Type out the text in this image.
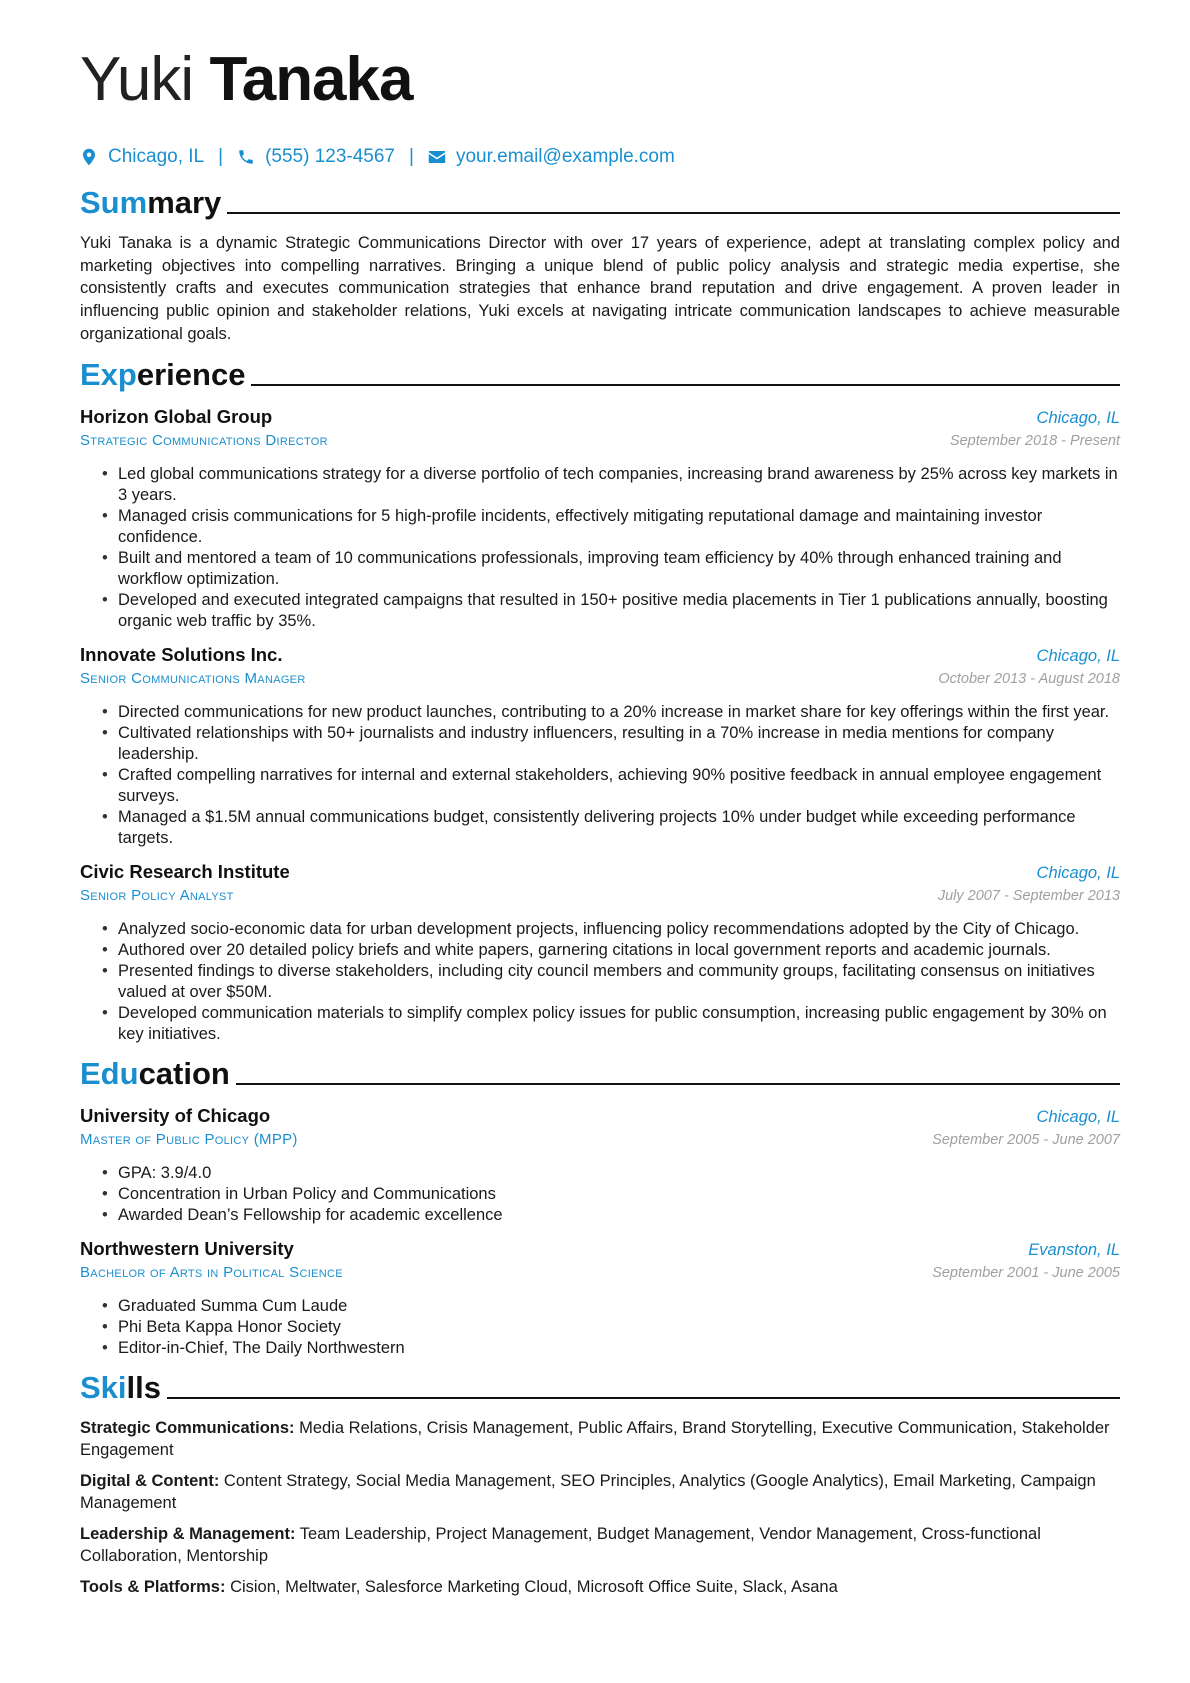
Yuki Tanaka
Chicago, IL | (555) 123-4567 | your.email@example.com
Summary

Yuki Tanaka is a dynamic Strategic Communications Director with over 17 years of experience, adept at translating complex policy and marketing objectives into compelling narratives. Bringing a unique blend of public policy analysis and strategic media expertise, she consistently crafts and executes communication strategies that enhance brand reputation and drive engagement. A proven leader in influencing public opinion and stakeholder relations, Yuki excels at navigating intricate communication landscapes to achieve measurable organizational goals.

Experience
Horizon Global Group	Chicago, IL
Strategic Communications Director	September 2018 - Present
• Led global communications strategy for a diverse portfolio of tech companies, increasing brand awareness by 25% across key markets in 3 years.
• Managed crisis communications for 5 high-profile incidents, effectively mitigating reputational damage and maintaining investor confidence.
• Built and mentored a team of 10 communications professionals, improving team efficiency by 40% through enhanced training and workflow optimization.
• Developed and executed integrated campaigns that resulted in 150+ positive media placements in Tier 1 publications annually, boosting organic web traffic by 35%.
Innovate Solutions Inc.	Chicago, IL
Senior Communications Manager	October 2013 - August 2018
• Directed communications for new product launches, contributing to a 20% increase in market share for key offerings within the first year.
• Cultivated relationships with 50+ journalists and industry influencers, resulting in a 70% increase in media mentions for company leadership.
• Crafted compelling narratives for internal and external stakeholders, achieving 90% positive feedback in annual employee engagement surveys.
• Managed a $1.5M annual communications budget, consistently delivering projects 10% under budget while exceeding performance targets.
Civic Research Institute	Chicago, IL
Senior Policy Analyst	July 2007 - September 2013
• Analyzed socio-economic data for urban development projects, influencing policy recommendations adopted by the City of Chicago.
• Authored over 20 detailed policy briefs and white papers, garnering citations in local government reports and academic journals.
• Presented findings to diverse stakeholders, including city council members and community groups, facilitating consensus on initiatives valued at over $50M.
• Developed communication materials to simplify complex policy issues for public consumption, increasing public engagement by 30% on key initiatives.
Education
University of Chicago	Chicago, IL
Master of Public Policy (MPP)	September 2005 - June 2007
• GPA: 3.9/4.0
• Concentration in Urban Policy and Communications
• Awarded Dean’s Fellowship for academic excellence
Northwestern University	Evanston, IL
Bachelor of Arts in Political Science	September 2001 - June 2005
• Graduated Summa Cum Laude
• Phi Beta Kappa Honor Society
• Editor-in-Chief, The Daily Northwestern
Skills

Strategic Communications: Media Relations, Crisis Management, Public Affairs, Brand Storytelling, Executive Communication, Stakeholder Engagement

Digital & Content: Content Strategy, Social Media Management, SEO Principles, Analytics (Google Analytics), Email Marketing, Campaign Management

Leadership & Management: Team Leadership, Project Management, Budget Management, Vendor Management, Cross-functional Collaboration, Mentorship

Tools & Platforms: Cision, Meltwater, Salesforce Marketing Cloud, Microsoft Office Suite, Slack, Asana
